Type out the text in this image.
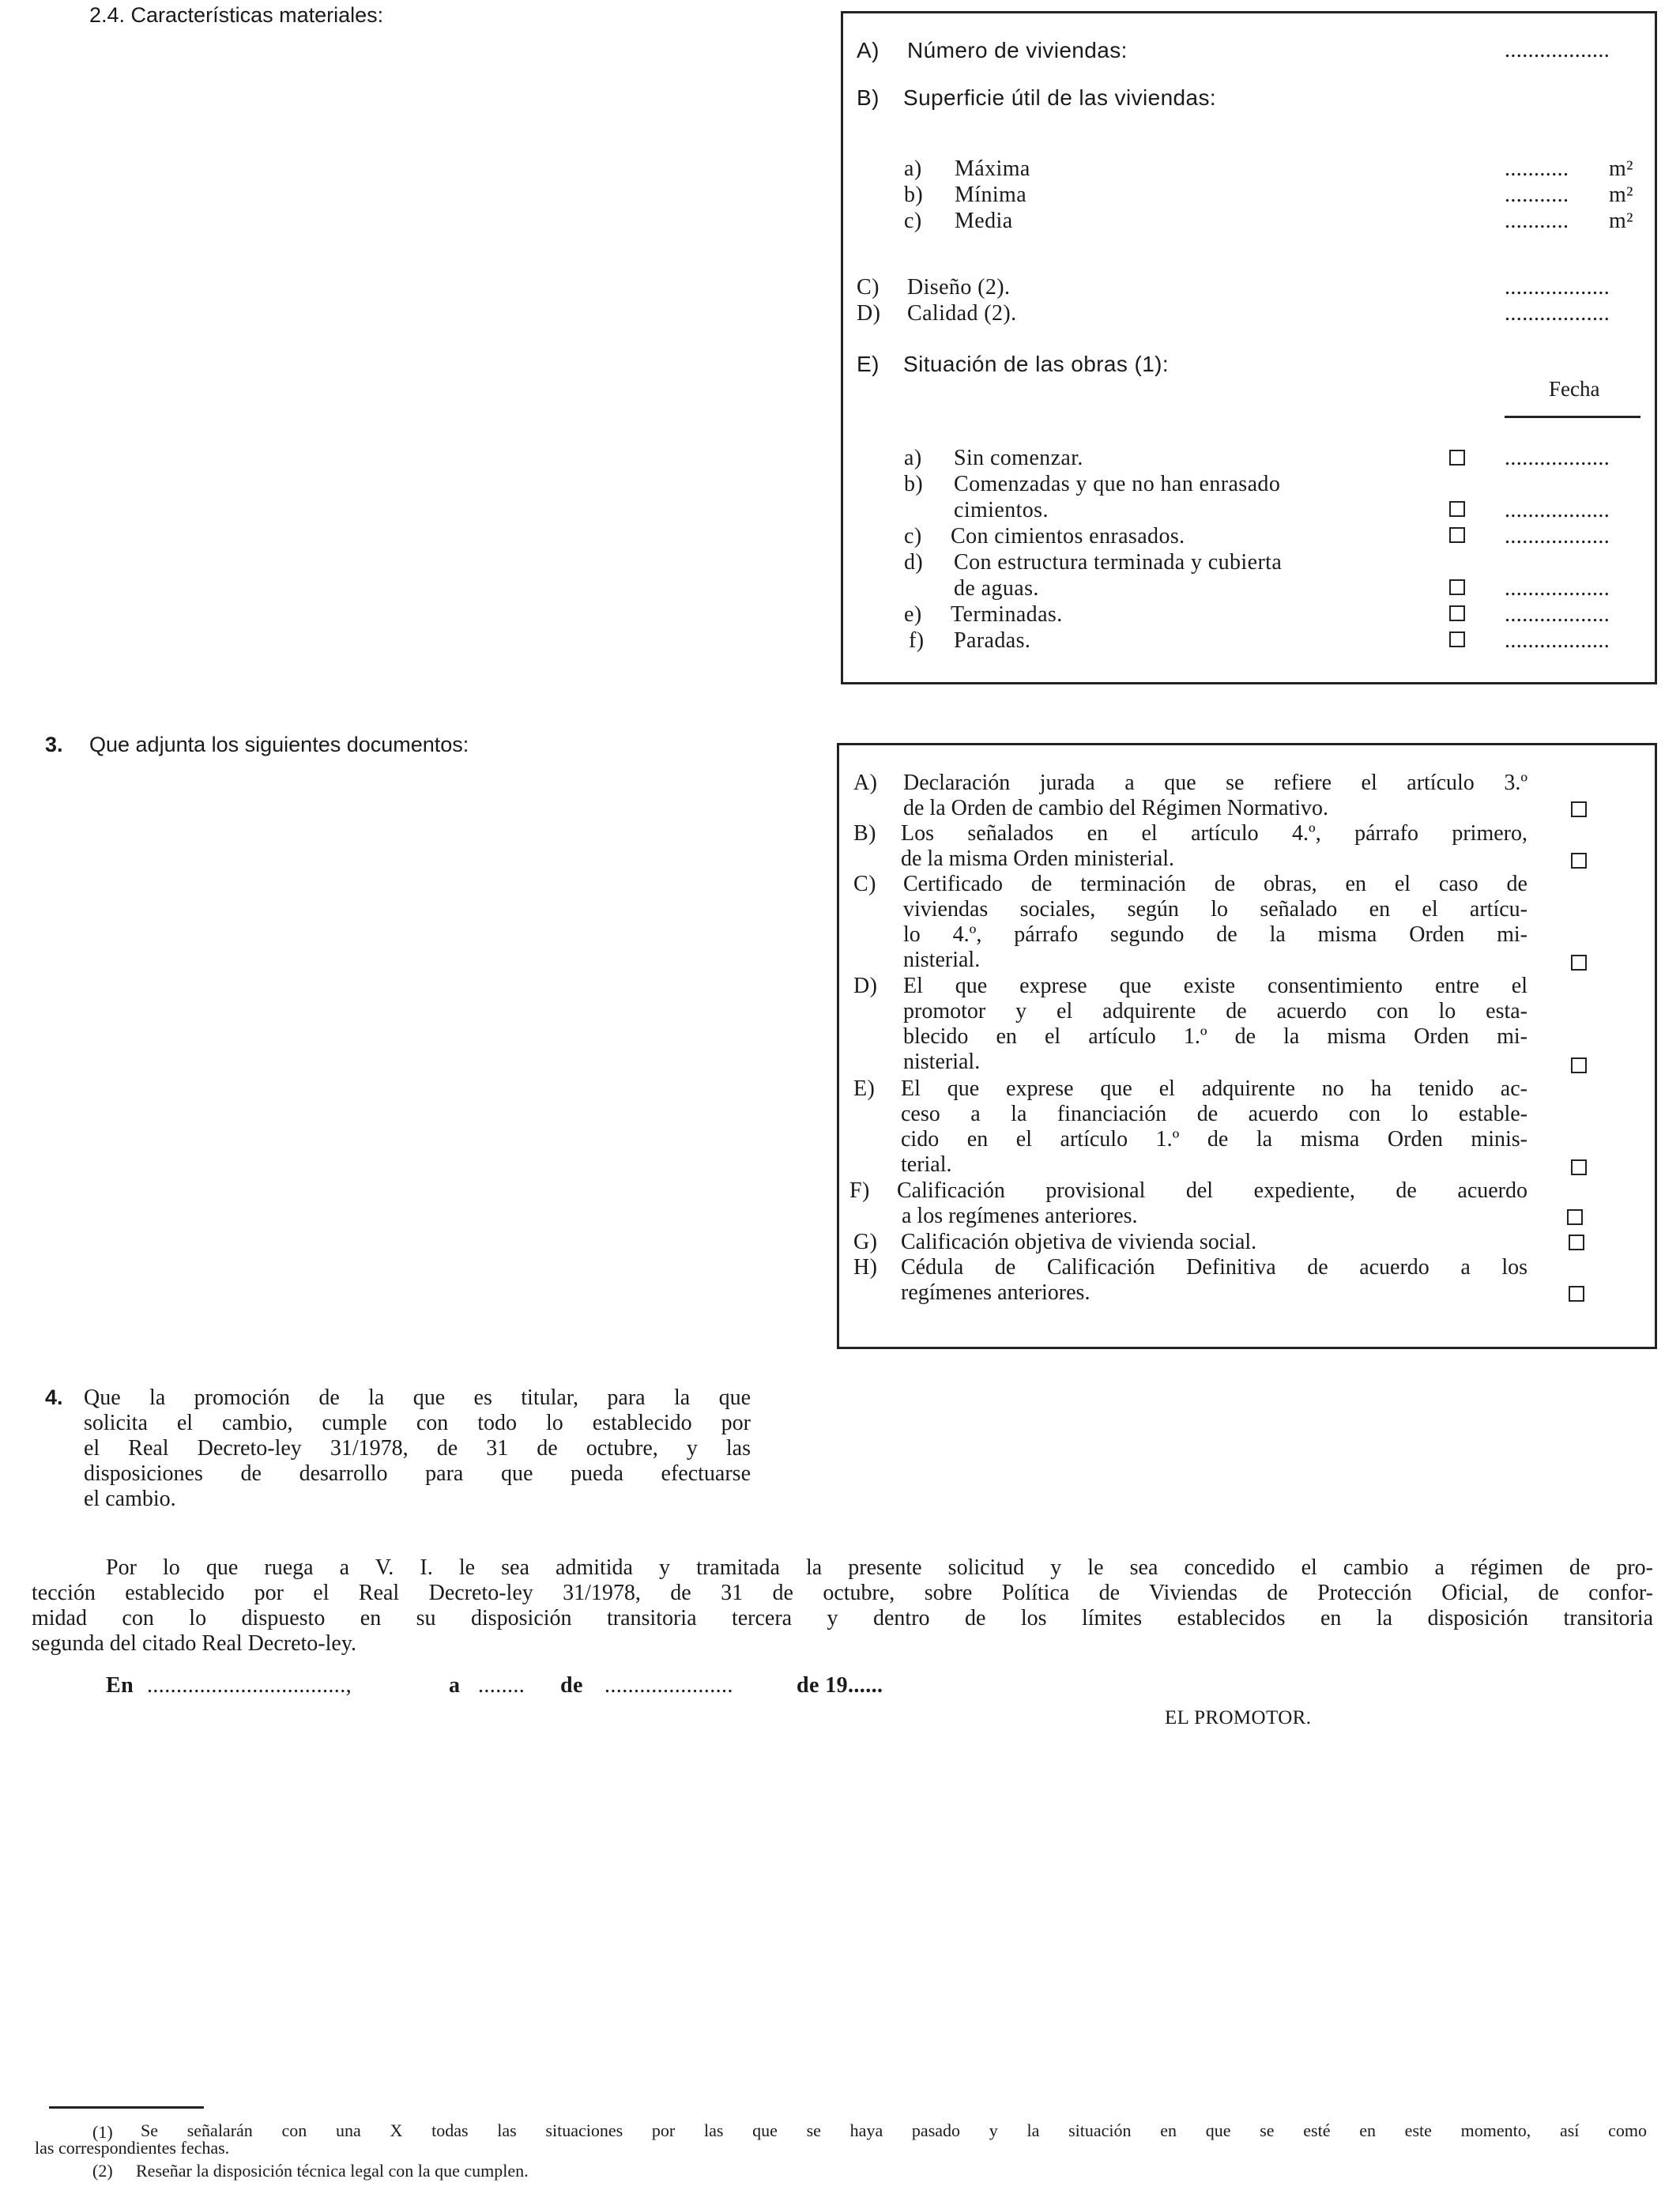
2.4. Características materiales:
A) Número de viviendas:	..................
B) Superficie útil de las viviendas:
a) Máxima	........... m²
b) Mínima	........... m²
c) Media	........... m²
C) Diseño (2).	..................
D) Calidad (2).	..................
E) Situación de las obras (1):
Fecha
a) Sin comenzar.	..................
b) Comenzadas y que no han enrasado
cimientos.	..................
c) Con cimientos enrasados.	..................
d) Con estructura terminada y cubierta
de aguas.	..................
e) Terminadas.	..................
f) Paradas.	..................
3. Que adjunta los siguientes documentos:
A) Declaración jurada a que se refiere el artículo 3.º
de la Orden de cambio del Régimen Normativo.
B) Los señalados en el artículo 4.º, párrafo primero,
de la misma Orden ministerial.
C) Certificado de terminación de obras, en el caso de
viviendas sociales, según lo señalado en el artícu-
lo 4.º, párrafo segundo de la misma Orden mi-
nisterial.
D) El que exprese que existe consentimiento entre el
promotor y el adquirente de acuerdo con lo esta-
blecido en el artículo 1.º de la misma Orden mi-
nisterial.
E) El que exprese que el adquirente no ha tenido ac-
ceso a la financiación de acuerdo con lo estable-
cido en el artículo 1.º de la misma Orden minis-
terial.
F) Calificación provisional del expediente, de acuerdo
a los regímenes anteriores.
G) Calificación objetiva de vivienda social.
H) Cédula de Calificación Definitiva de acuerdo a los
regímenes anteriores.
4. Que la promoción de la que es titular, para la que
solicita el cambio, cumple con todo lo establecido por
el Real Decreto-ley 31/1978, de 31 de octubre, y las
disposiciones de desarrollo para que pueda efectuarse
el cambio.
Por lo que ruega a V. I. le sea admitida y tramitada la presente solicitud y le sea concedido el cambio a régimen de pro-
tección establecido por el Real Decreto-ley 31/1978, de 31 de octubre, sobre Política de Viviendas de Protección Oficial, de confor-
midad con lo dispuesto en su disposición transitoria tercera y dentro de los límites establecidos en la disposición transitoria
segunda del citado Real Decreto-ley.
En ..................................,	a ........ de ......................	de 19......
EL PROMOTOR.
(1)	Se señalarán con una X todas las situaciones por las que se haya pasado y la situación en que se esté en este momento, así como
las correspondientes fechas.
(2) Reseñar la disposición técnica legal con la que cumplen.
